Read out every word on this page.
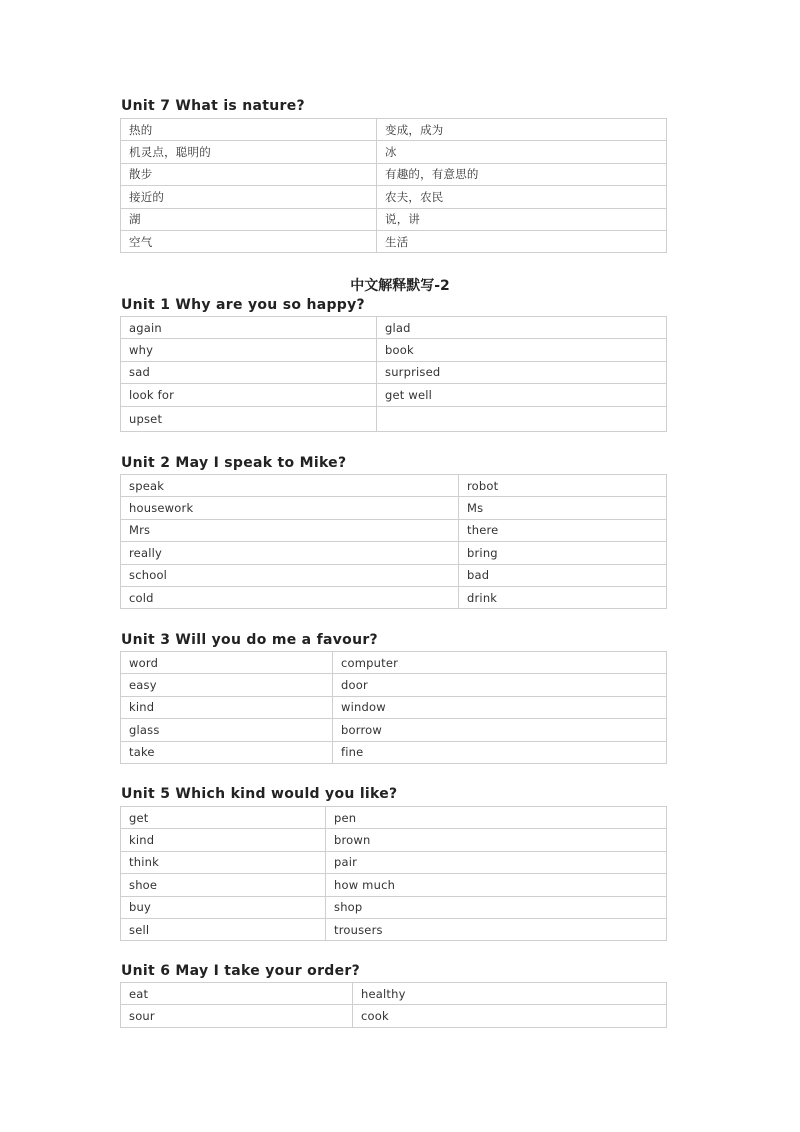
Unit 7 What is nature?
热的	变成，成为
机灵点，聪明的	冰
散步	有趣的，有意思的
接近的	农夫，农民
湖	说，讲
空气	生活
中文解释默写-2
Unit 1 Why are you so happy?
again	glad
why	book
sad	surprised
look for	get well
upset	
Unit 2 May I speak to Mike?
speak	robot
housework	Ms
Mrs	there
really	bring
school	bad
cold	drink
Unit 3 Will you do me a favour?
word	computer
easy	door
kind	window
glass	borrow
take	fine
Unit 5 Which kind would you like?
get	pen
kind	brown
think	pair
shoe	how much
buy	shop
sell	trousers
Unit 6 May I take your order?
eat	healthy
sour	cook
